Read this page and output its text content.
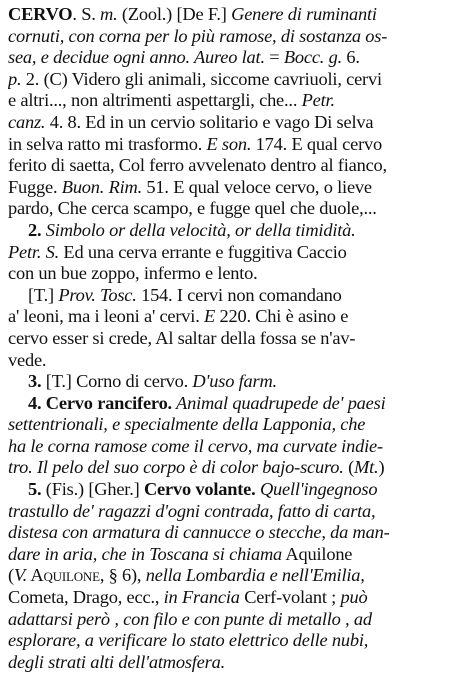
CERVO. S. m. (Zool.) [De F.] Genere di ruminanti
cornuti, con corna per lo più ramose, di sostanza os-
sea, e decidue ogni anno. Aureo lat. = Bocc. g. 6.
p. 2. (C) Videro gli animali, siccome cavriuoli, cervi
e altri..., non altrimenti aspettargli, che... Petr.
canz. 4. 8. Ed in un cervio solitario e vago Di selva
in selva ratto mi trasformo. E son. 174. E qual cervo
ferito di saetta, Col ferro avvelenato dentro al fianco,
Fugge. Buon. Rim. 51. E qual veloce cervo, o lieve
pardo, Che cerca scampo, e fugge quel che duole,...
2. Simbolo or della velocità, or della timidità.
Petr. S. Ed una cerva errante e fuggitiva Caccio
con un bue zoppo, infermo e lento.
[T.] Prov. Tosc. 154. I cervi non comandano
a' leoni, ma i leoni a' cervi. E 220. Chi è asino e
cervo esser si crede, Al saltar della fossa se n'av-
vede.
3. [T.] Corno di cervo. D'uso farm.
4. Cervo rancifero. Animal quadrupede de' paesi
settentrionali, e specialmente della Lapponia, che
ha le corna ramose come il cervo, ma curvate indie-
tro. Il pelo del suo corpo è di color bajo-scuro. (Mt.)
5. (Fis.) [Gher.] Cervo volante. Quell'ingegnoso
trastullo de' ragazzi d'ogni contrada, fatto di carta,
distesa con armatura di cannucce o stecche, da man-
dare in aria, che in Toscana si chiama Aquilone
(V. Aquilone, § 6), nella Lombardia e nell'Emilia,
Cometa, Drago, ecc., in Francia Cerf-volant ; può
adattarsi però , con filo e con punte di metallo , ad
esplorare, a verificare lo stato elettrico delle nubi,
degli strati alti dell'atmosfera.
